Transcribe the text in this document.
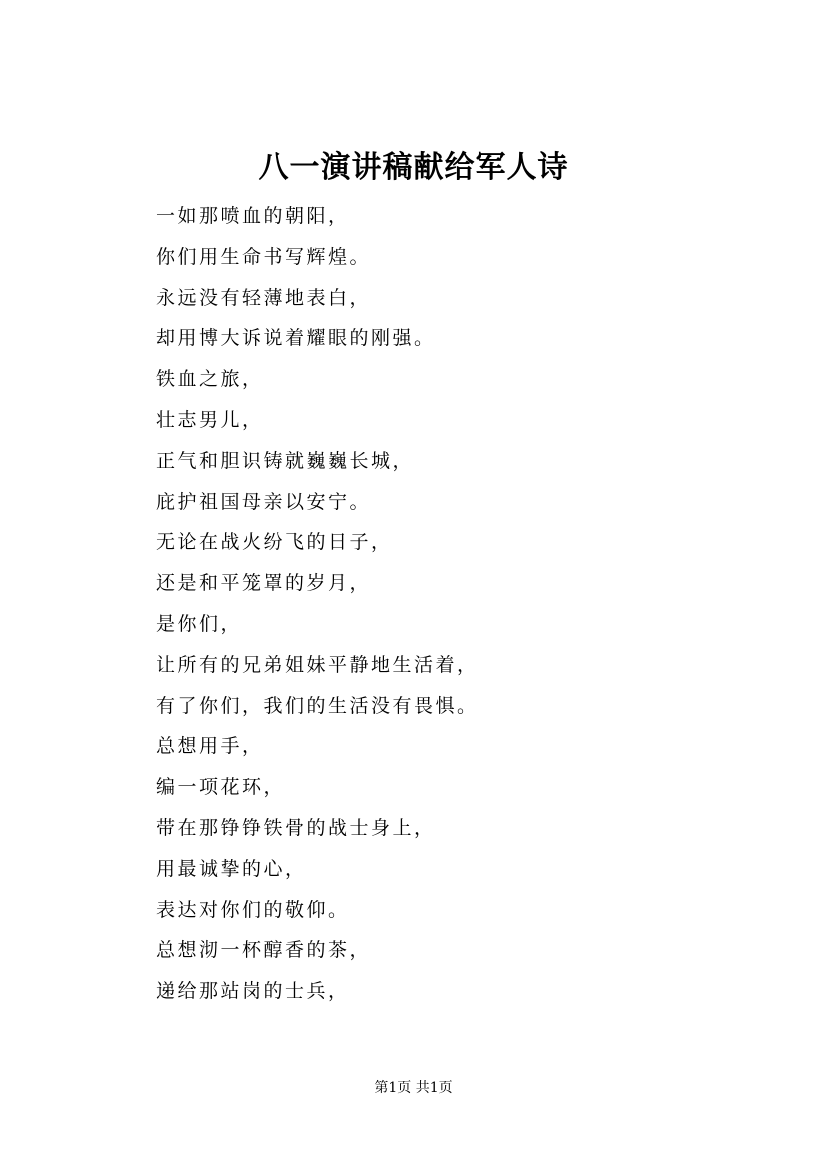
八一演讲稿献给军人诗
一如那喷血的朝阳，
你们用生命书写辉煌。
永远没有轻薄地表白，
却用博大诉说着耀眼的刚强。
铁血之旅，
壮志男儿，
正气和胆识铸就巍巍长城，
庇护祖国母亲以安宁。
无论在战火纷飞的日子，
还是和平笼罩的岁月，
是你们，
让所有的兄弟姐妹平静地生活着，
有了你们，我们的生活没有畏惧。
总想用手，
编一项花环，
带在那铮铮铁骨的战士身上，
用最诚挚的心，
表达对你们的敬仰。
总想沏一杯醇香的茶，
递给那站岗的士兵，
第1页 共1页
